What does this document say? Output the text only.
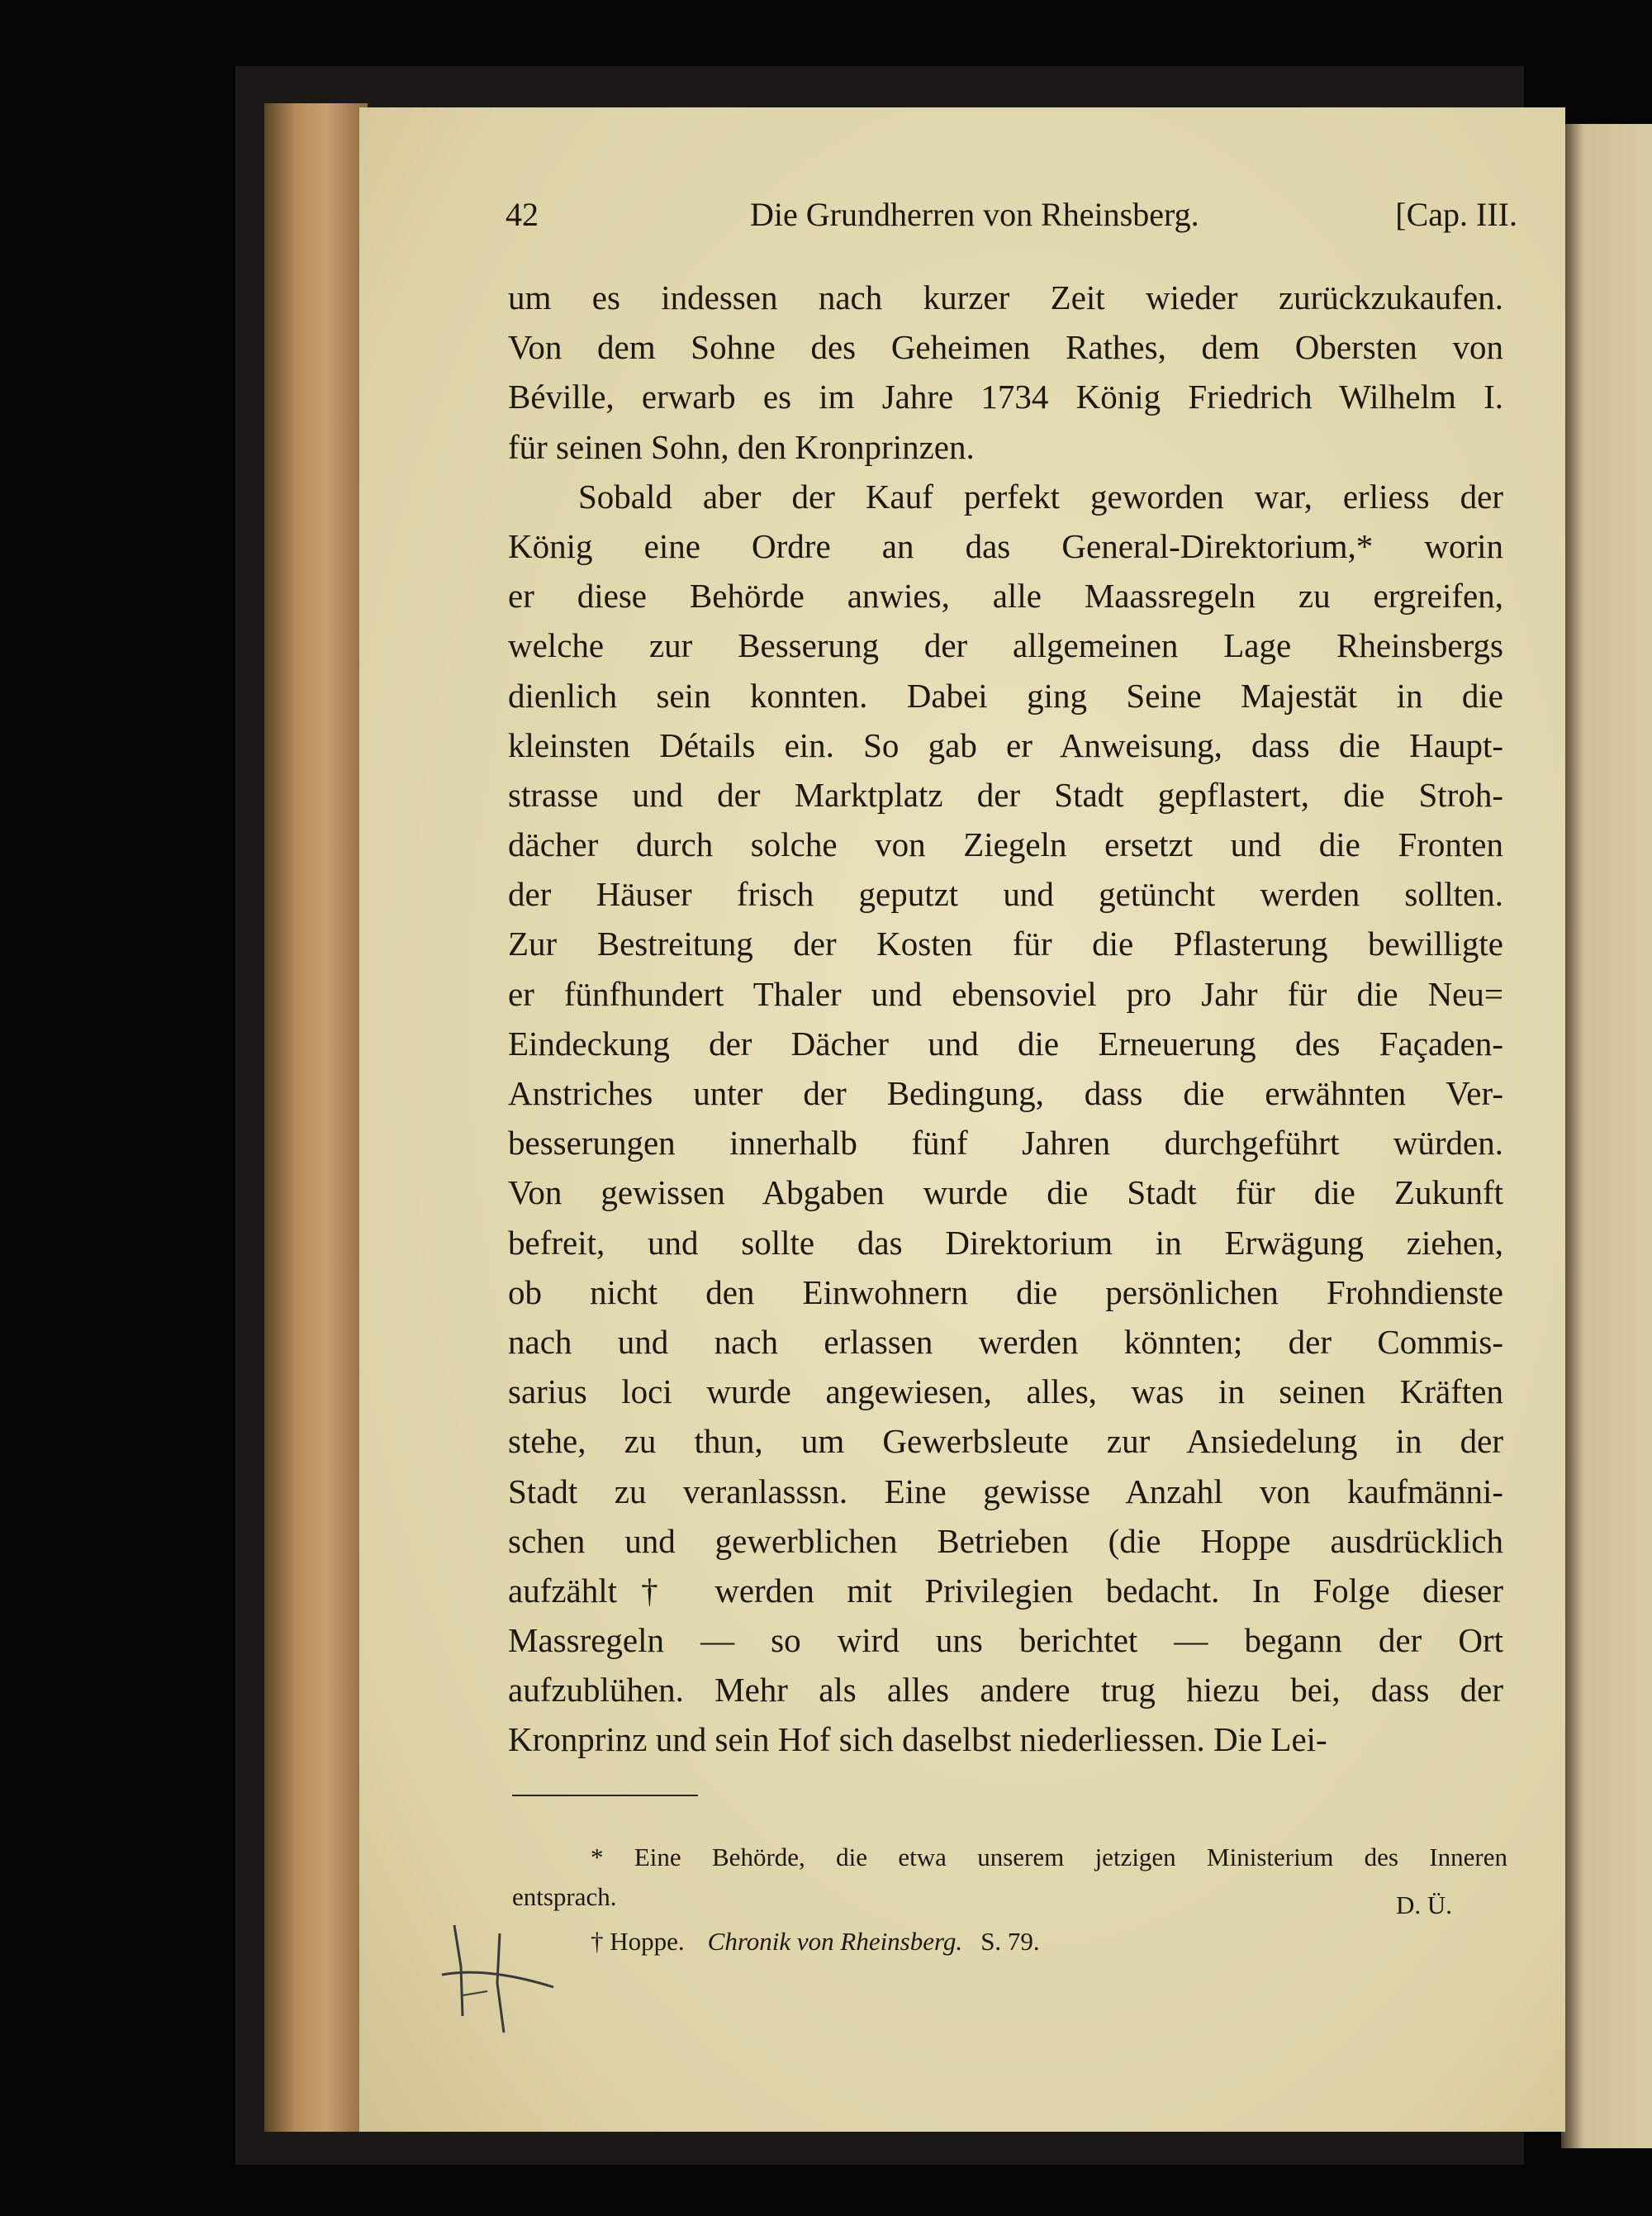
42	Die Grundherren von Rheinsberg.	[Cap. III.
um es indessen nach kurzer Zeit wieder zurückzukaufen.
Von dem Sohne des Geheimen Rathes, dem Obersten von
Béville, erwarb es im Jahre 1734 König Friedrich Wilhelm I.
für seinen Sohn, den Kronprinzen.
Sobald aber der Kauf perfekt geworden war, erliess der
König eine Ordre an das General-Direktorium,* worin
er diese Behörde anwies, alle Maassregeln zu ergreifen,
welche zur Besserung der allgemeinen Lage Rheinsbergs
dienlich sein konnten. Dabei ging Seine Majestät in die
kleinsten Détails ein. So gab er Anweisung, dass die Haupt-
strasse und der Marktplatz der Stadt gepflastert, die Stroh-
dächer durch solche von Ziegeln ersetzt und die Fronten
der Häuser frisch geputzt und getüncht werden sollten.
Zur Bestreitung der Kosten für die Pflasterung bewilligte
er fünfhundert Thaler und ebensoviel pro Jahr für die Neu=
Eindeckung der Dächer und die Erneuerung des Façaden-
Anstriches unter der Bedingung, dass die erwähnten Ver-
besserungen innerhalb fünf Jahren durchgeführt würden.
Von gewissen Abgaben wurde die Stadt für die Zukunft
befreit, und sollte das Direktorium in Erwägung ziehen,
ob nicht den Einwohnern die persönlichen Frohndienste
nach und nach erlassen werden könnten; der Commis-
sarius loci wurde angewiesen, alles, was in seinen Kräften
stehe, zu thun, um Gewerbsleute zur Ansiedelung in der
Stadt zu veranlasssn. Eine gewisse Anzahl von kaufmänni-
schen und gewerblichen Betrieben (die Hoppe ausdrücklich
aufzählt† werden mit Privilegien bedacht. In Folge dieser
Massregeln — so wird uns berichtet — begann der Ort
aufzublühen. Mehr als alles andere trug hiezu bei, dass der
Kronprinz und sein Hof sich daselbst niederliessen. Die Lei-
* Eine Behörde, die etwa unserem jetzigen Ministerium des Inneren
entsprach.	D. Ü.
† Hoppe. Chronik von Rheinsberg. S. 79.
